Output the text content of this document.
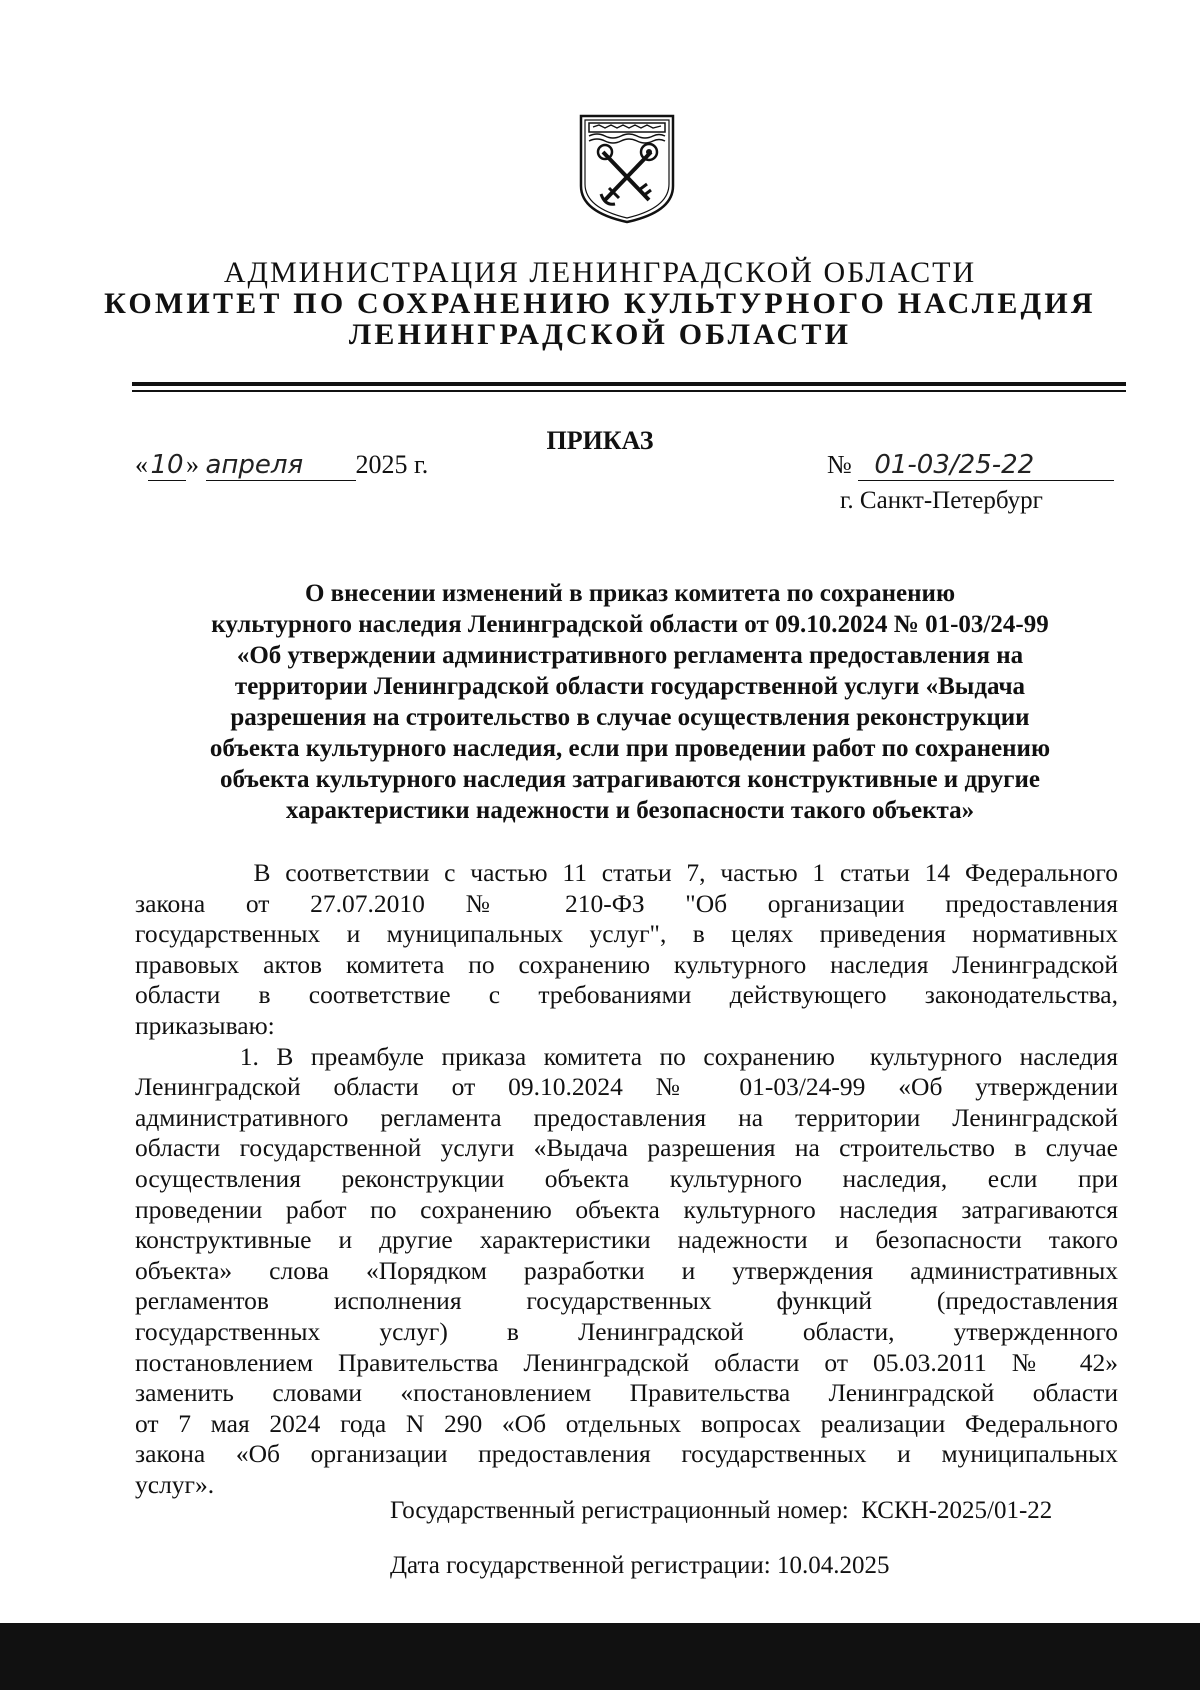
АДМИНИСТРАЦИЯ ЛЕНИНГРАДСКОЙ ОБЛАСТИ
КОМИТЕТ ПО СОХРАНЕНИЮ КУЛЬТУРНОГО НАСЛЕДИЯ
ЛЕНИНГРАДСКОЙ ОБЛАСТИ
ПРИКАЗ
«10» апреля 2025 г.	№ 01-03/25-22
г. Санкт-Петербург
О внесении изменений в приказ комитета по сохранению
культурного наследия Ленинградской области от 09.10.2024 № 01-03/24-99
«Об утверждении административного регламента предоставления на
территории Ленинградской области государственной услуги «Выдача
разрешения на строительство в случае осуществления реконструкции
объекта культурного наследия, если при проведении работ по сохранению
объекта культурного наследия затрагиваются конструктивные и другие
характеристики надежности и безопасности такого объекта»

В соответствии с частью 11 статьи 7, частью 1 статьи 14 Федерального

закона от 27.07.2010 № 210-ФЗ "Об организации предоставления

государственных и муниципальных услуг", в целях приведения нормативных

правовых актов комитета по сохранению культурного наследия Ленинградской

области в соответствие с требованиями действующего законодательства,

приказываю:

1. В преамбуле приказа комитета по сохранению  культурного наследия

Ленинградской области от 09.10.2024 № 01-03/24-99 «Об утверждении

административного регламента предоставления на территории Ленинградской

области государственной услуги «Выдача разрешения на строительство в случае

осуществления реконструкции объекта культурного наследия, если при

проведении работ по сохранению объекта культурного наследия затрагиваются

конструктивные и другие характеристики надежности и безопасности такого

объекта» слова «Порядком разработки и утверждения административных

регламентов исполнения государственных функций (предоставления

государственных услуг) в Ленинградской области, утвержденного

постановлением Правительства Ленинградской области от 05.03.2011 № 42»

заменить словами «постановлением Правительства Ленинградской области

от 7 мая 2024 года N 290 «Об отдельных вопросах реализации Федерального

закона «Об организации предоставления государственных и муниципальных

услуг».

Государственный регистрационный номер: КСКН-2025/01-22
Дата государственной регистрации: 10.04.2025
